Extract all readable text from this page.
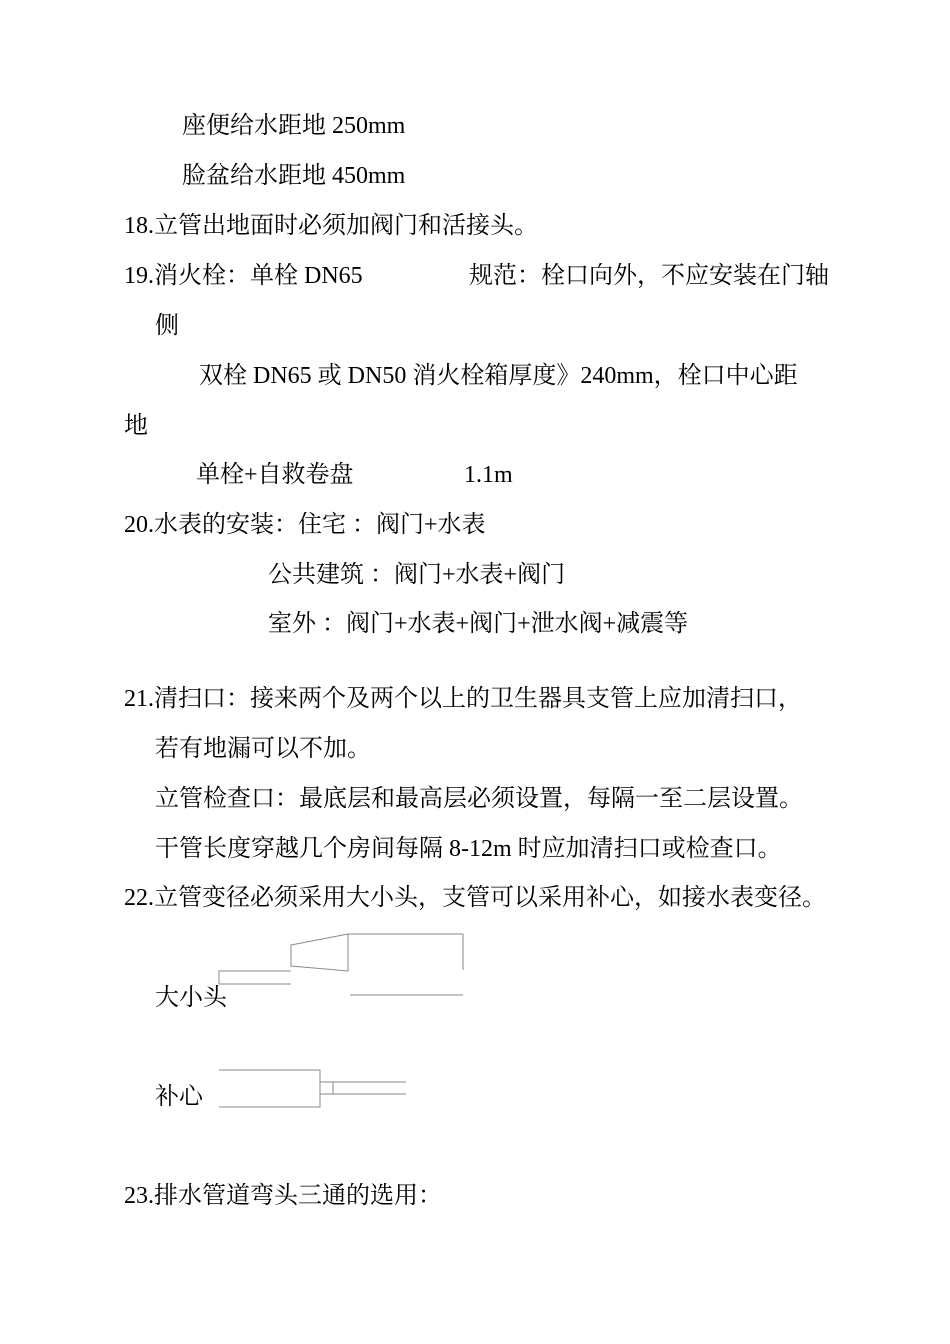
座便给水距地 250mm

脸盆给水距地 450mm

18.立管出地面时必须加阀门和活接头。

19.消火栓：单栓 DN65	规范：栓口向外，不应安装在门轴

侧

双栓 DN65 或 DN50 消火栓箱厚度》240mm，栓口中心距

地

单栓+自救卷盘	1.1m

20.水表的安装：住宅 ：阀门+水表

公共建筑 ：阀门+水表+阀门

室外 ：阀门+水表+阀门+泄水阀+减震等

21.清扫口：接来两个及两个以上的卫生器具支管上应加清扫口，

若有地漏可以不加。

立管检查口：最底层和最高层必须设置，每隔一至二层设置。

干管长度穿越几个房间每隔 8-12m 时应加清扫口或检查口。

22.立管变径必须采用大小头，支管可以采用补心，如接水表变径。

大小头

补心

23.排水管道弯头三通的选用：
